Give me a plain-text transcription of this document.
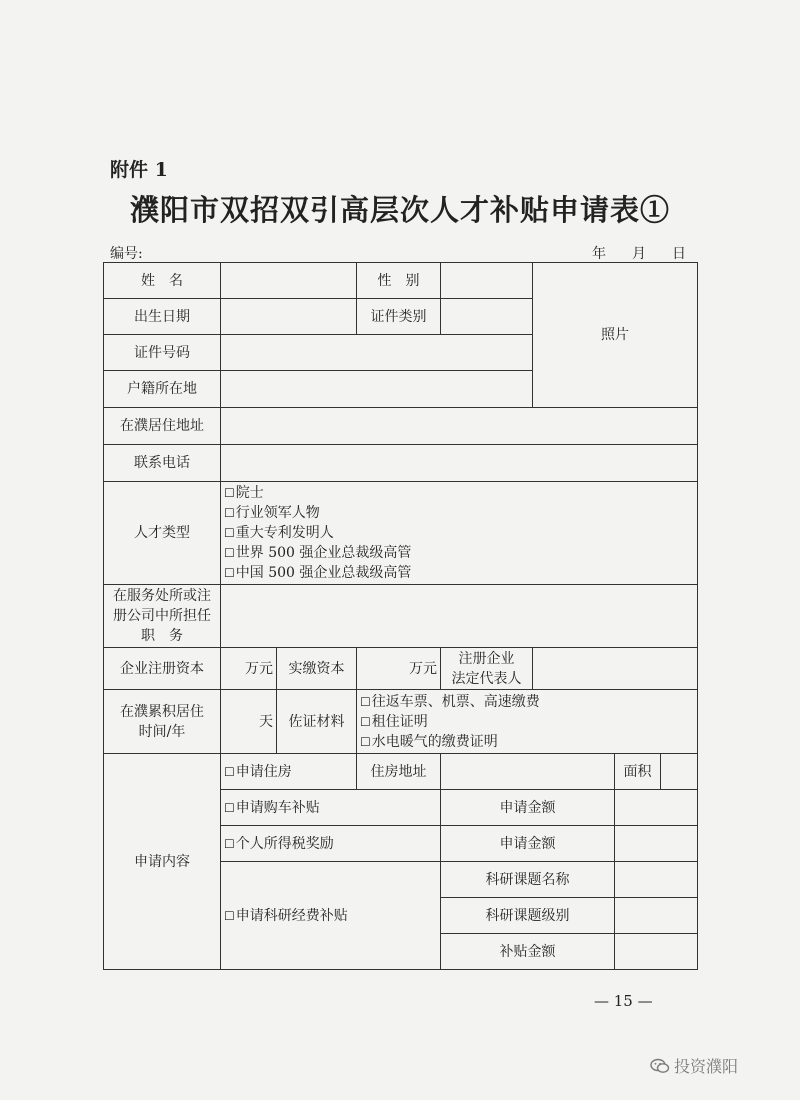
附件 1
濮阳市双招双引高层次人才补贴申请表①
编号:	年 月 日
姓　名			性　别		照片		
出生日期			证件类别				
证件号码							
户籍所在地							
在濮居住地址							
联系电话							
人才类型	☐院士
☐行业领军人物
☐重大专利发明人
☐世界 500 强企业总裁级高管
☐中国 500 强企业总裁级高管						

在服务处所或注
册公司中所担任
职　务							

企业注册资本	万元	实缴资本	万元	注册企业
法定代表人			

在濮累积居住
时间/年	天	佐证材料	☐往返车票、机票、高速缴费
☐租住证明
☐水电暖气的缴费证明				

申请内容	☐申请住房		住房地址			面积	
	☐申请购车补贴			申请金额			
	☐个人所得税奖励			申请金额			
	☐申请科研经费补贴			科研课题名称			
				科研课题级别			
				补贴金额			
— 15 —
投资濮阳
